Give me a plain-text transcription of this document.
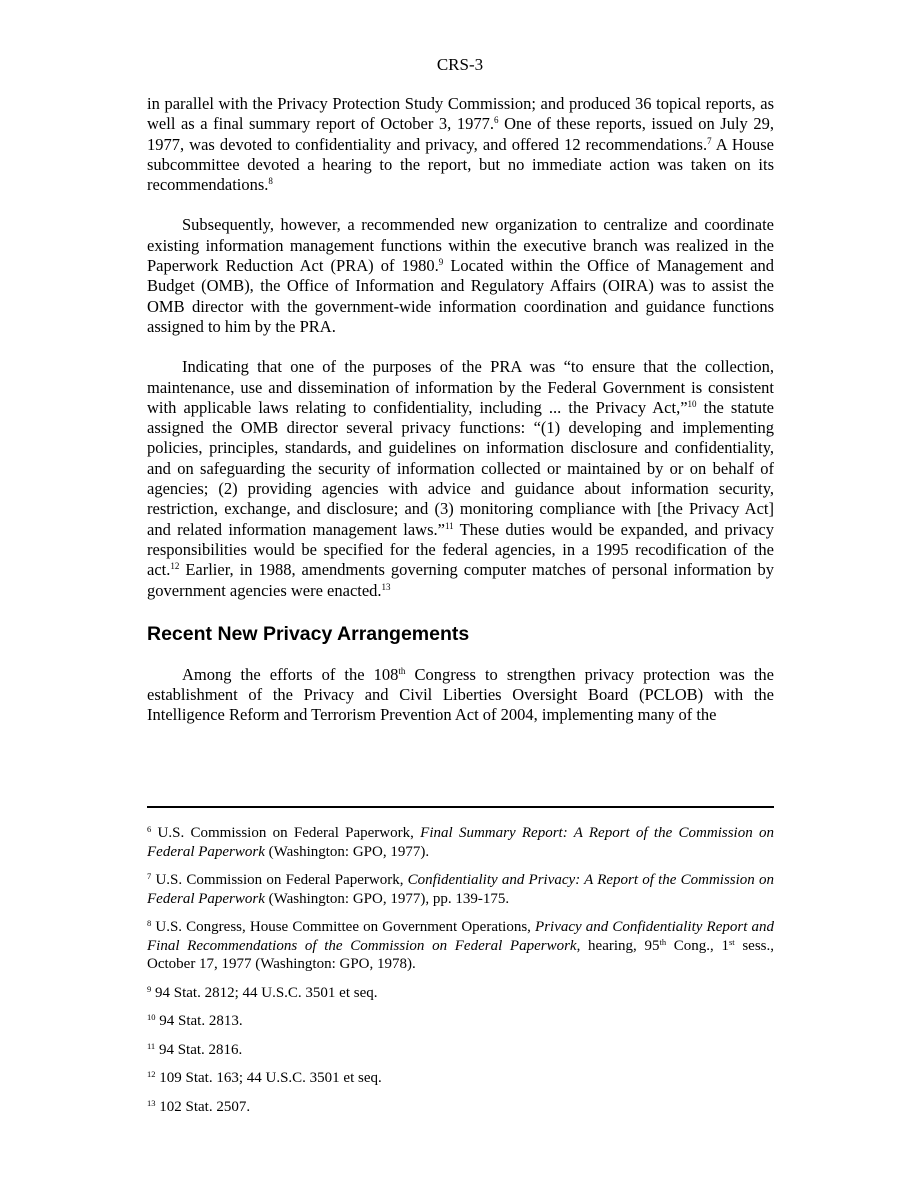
CRS-3

in parallel with the Privacy Protection Study Commission; and produced 36 topical reports, as well as a final summary report of October 3, 1977.$^6$ One of these reports, issued on July 29, 1977, was devoted to confidentiality and privacy, and offered 12 recommendations.$^7$ A House subcommittee devoted a hearing to the report, but no immediate action was taken on its recommendations.$^8$

Subsequently, however, a recommended new organization to centralize and coordinate existing information management functions within the executive branch was realized in the Paperwork Reduction Act (PRA) of 1980.$^9$ Located within the Office of Management and Budget (OMB), the Office of Information and Regulatory Affairs (OIRA) was to assist the OMB director with the government-wide information coordination and guidance functions assigned to him by the PRA.

Indicating that one of the purposes of the PRA was “to ensure that the collection, maintenance, use and dissemination of information by the Federal Government is consistent with applicable laws relating to confidentiality, including ... the Privacy Act,”$^{10}$ the statute assigned the OMB director several privacy functions: “(1) developing and implementing policies, principles, standards, and guidelines on information disclosure and confidentiality, and on safeguarding the security of information collected or maintained by or on behalf of agencies; (2) providing agencies with advice and guidance about information security, restriction, exchange, and disclosure; and (3) monitoring compliance with [the Privacy Act] and related information management laws.”$^{11}$ These duties would be expanded, and privacy responsibilities would be specified for the federal agencies, in a 1995 recodification of the act.$^{12}$ Earlier, in 1988, amendments governing computer matches of personal information by government agencies were enacted.$^{13}$

Recent New Privacy Arrangements

Among the efforts of the 108th Congress to strengthen privacy protection was the establishment of the Privacy and Civil Liberties Oversight Board (PCLOB) with the Intelligence Reform and Terrorism Prevention Act of 2004, implementing many of the

$^6$ U.S. Commission on Federal Paperwork, Final Summary Report: A Report of the Commission on Federal Paperwork (Washington: GPO, 1977).

$^7$ U.S. Commission on Federal Paperwork, Confidentiality and Privacy: A Report of the Commission on Federal Paperwork (Washington: GPO, 1977), pp. 139-175.

$^8$ U.S. Congress, House Committee on Government Operations, Privacy and Confidentiality Report and Final Recommendations of the Commission on Federal Paperwork, hearing, 95th Cong., 1st sess., October 17, 1977 (Washington: GPO, 1978).

$^9$ 94 Stat. 2812; 44 U.S.C. 3501 et seq.

$^{10}$ 94 Stat. 2813.

$^{11}$ 94 Stat. 2816.

$^{12}$ 109 Stat. 163; 44 U.S.C. 3501 et seq.

$^{13}$ 102 Stat. 2507.
